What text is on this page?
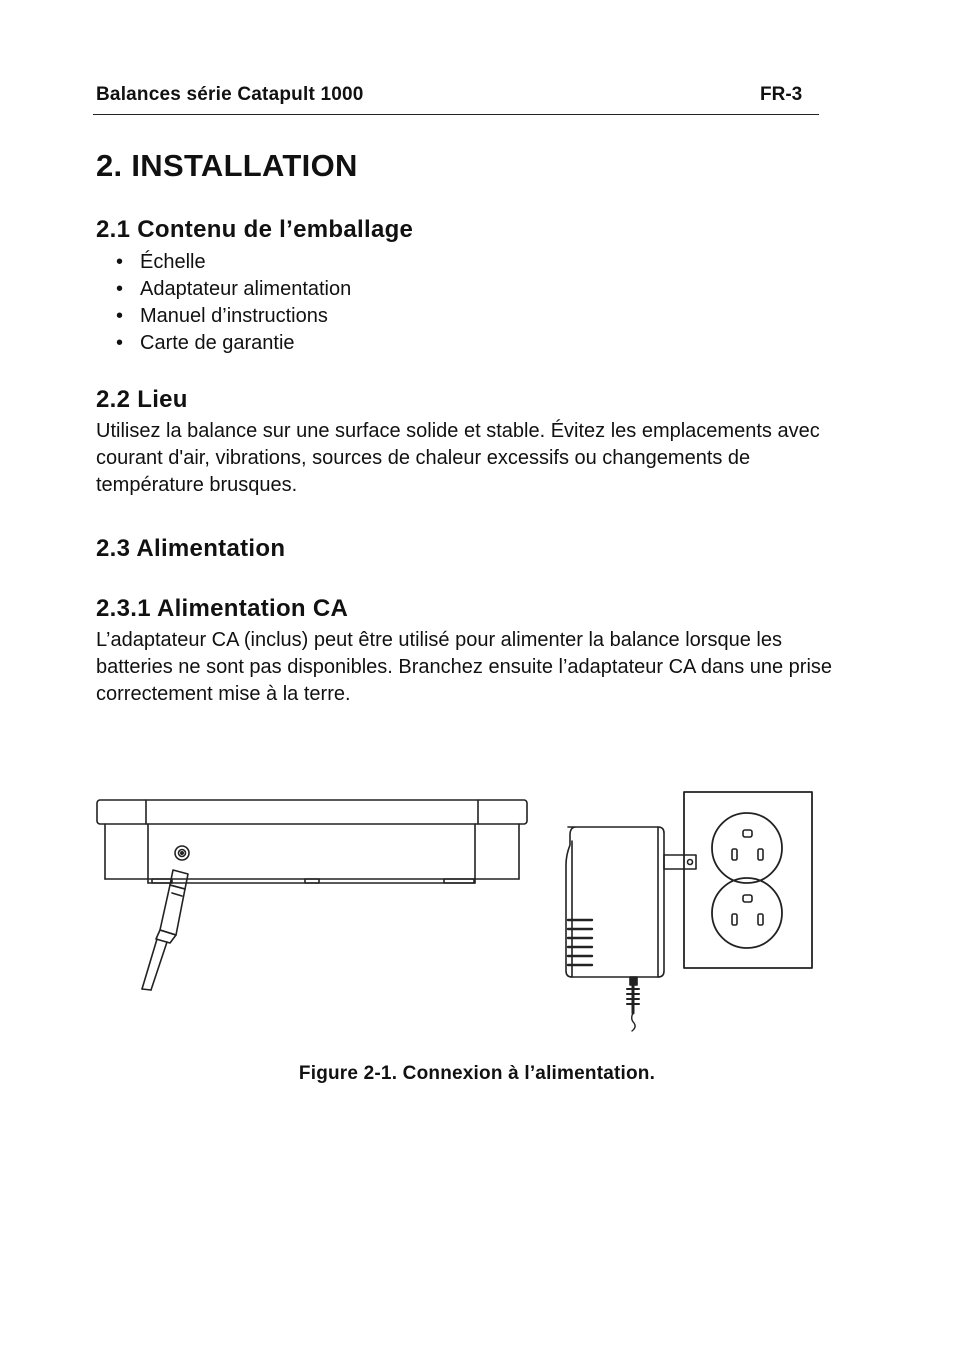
Balances série Catapult 1000	FR-3
2. INSTALLATION
2.1 Contenu de l’emballage
• Échelle
• Adaptateur alimentation
• Manuel d’instructions
• Carte de garantie
2.2 Lieu

Utilisez la balance sur une surface solide et stable. Évitez les emplacements avec courant d'air, vibrations, sources de chaleur excessifs ou changements de température brusques.

2.3 Alimentation
2.3.1 Alimentation CA

L’adaptateur CA (inclus) peut être utilisé pour alimenter la balance lorsque les batteries ne sont pas disponibles. Branchez ensuite l’adaptateur CA dans une prise correctement mise à la terre.

Figure 2-1. Connexion à l’alimentation.
